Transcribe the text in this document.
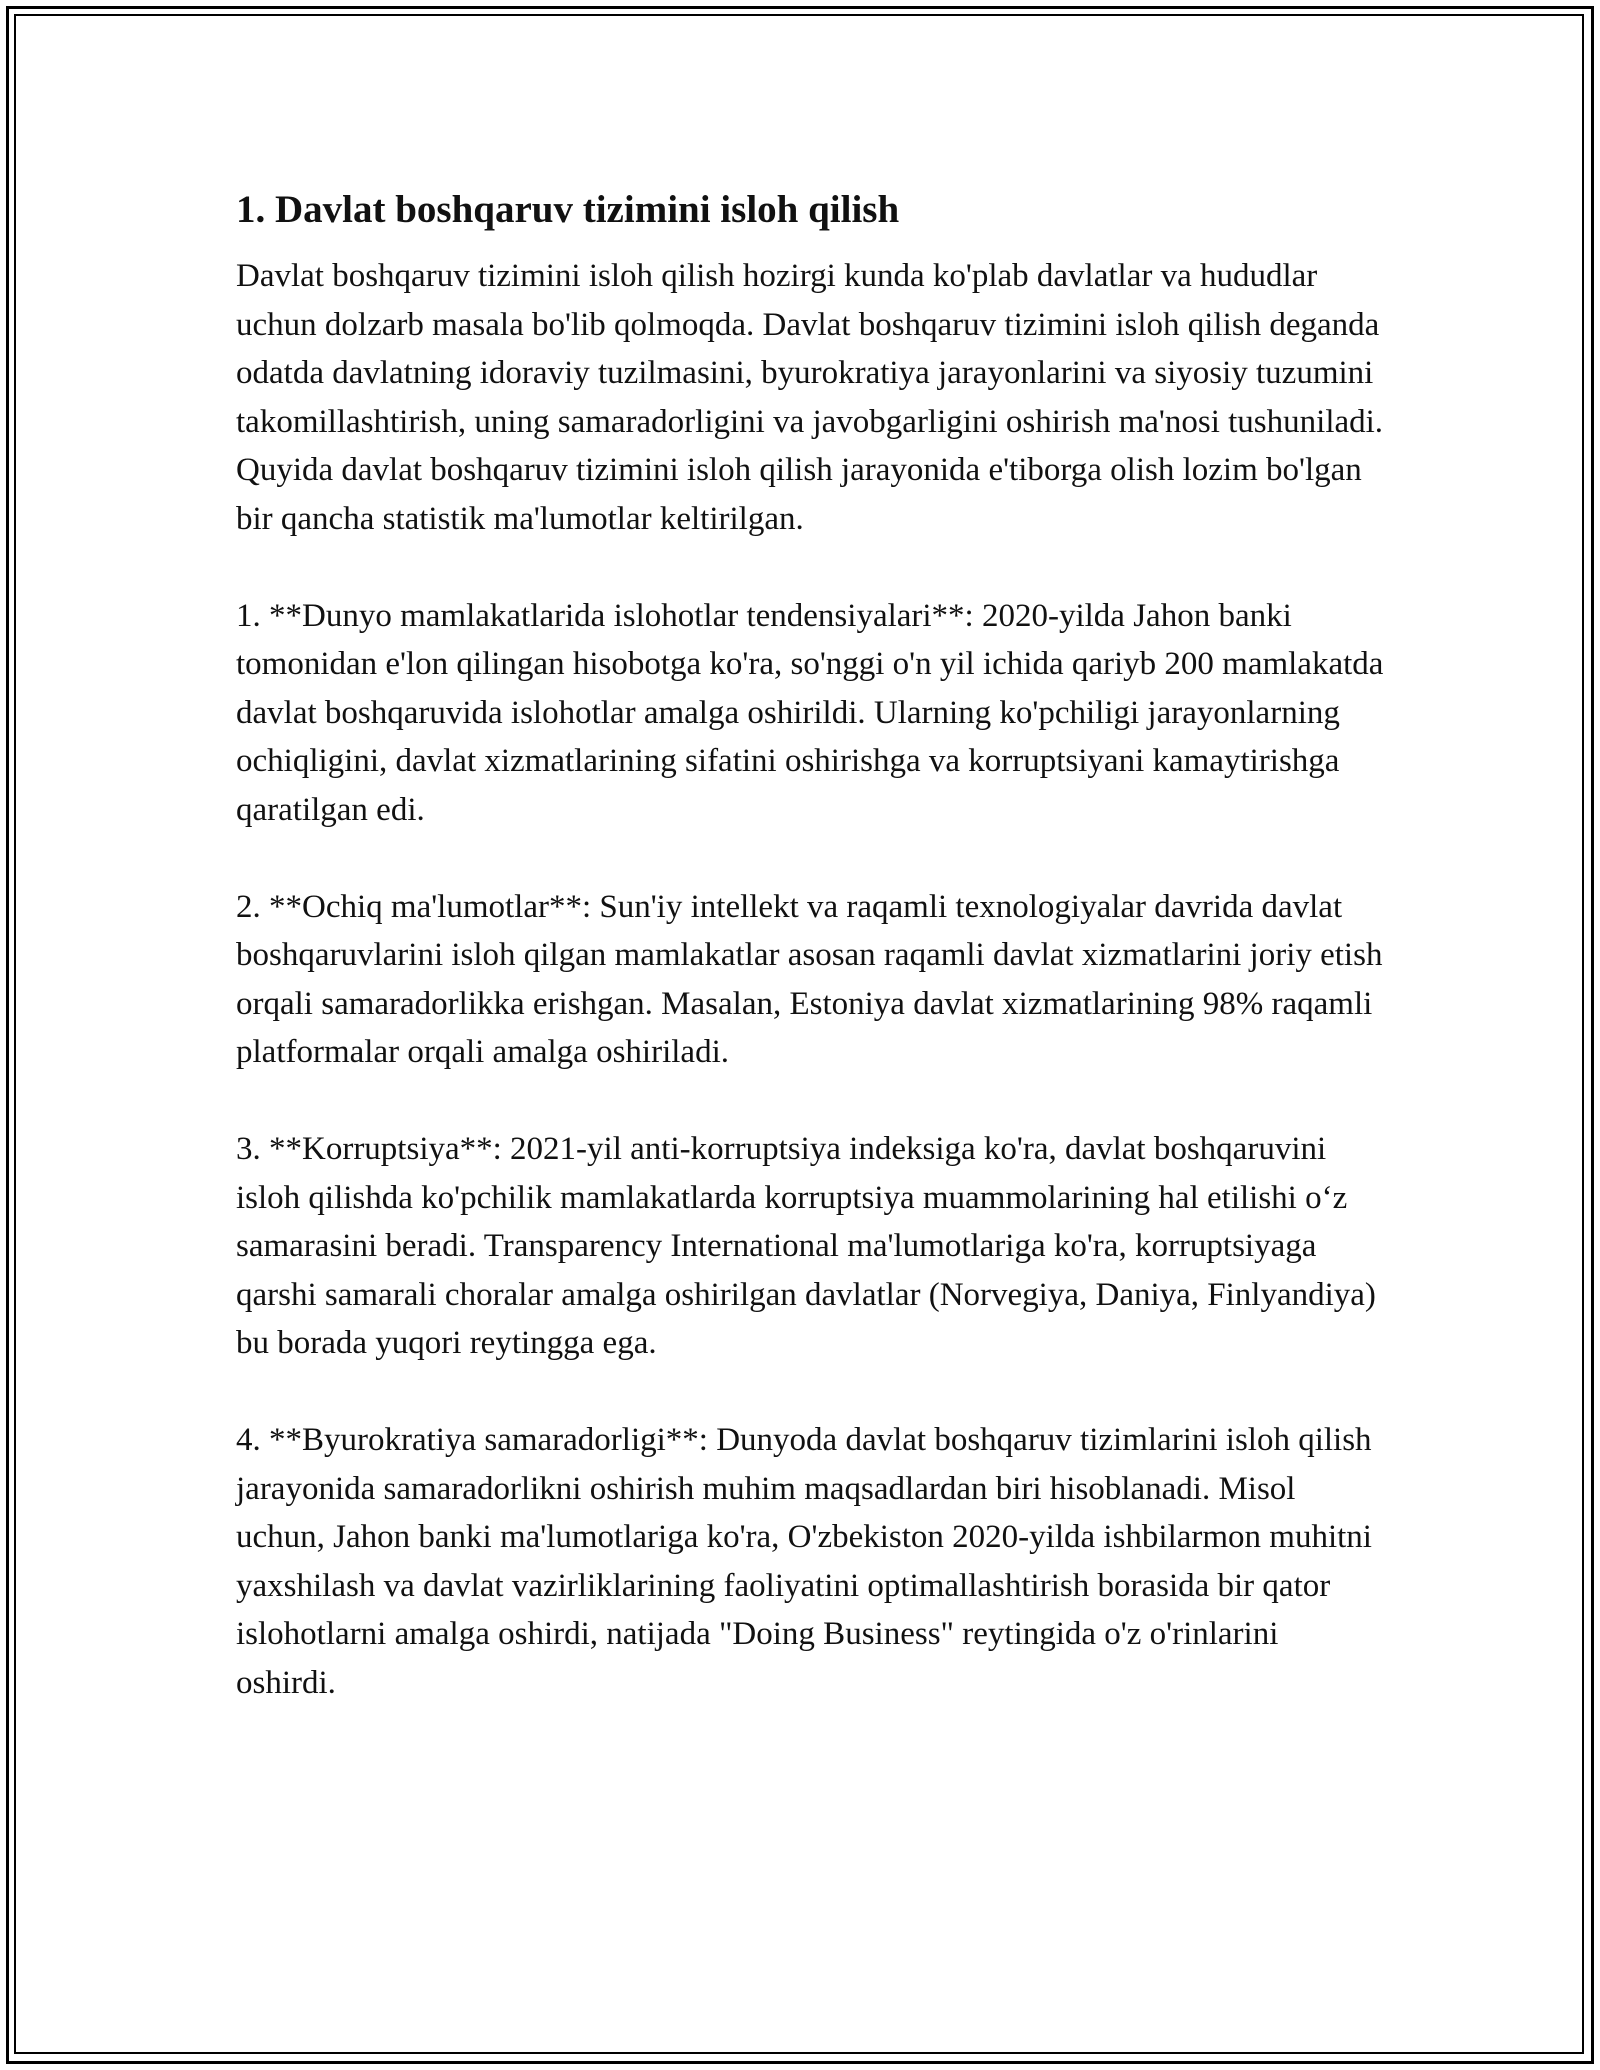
1. Davlat boshqaruv tizimini isloh qilish

Davlat boshqaruv tizimini isloh qilish hozirgi kunda ko'plab davlatlar va hududlar uchun dolzarb masala bo'lib qolmoqda. Davlat boshqaruv tizimini isloh qilish deganda odatda davlatning idoraviy tuzilmasini, byurokratiya jarayonlarini va siyosiy tuzumini takomillashtirish, uning samaradorligini va javobgarligini oshirish ma'nosi tushuniladi. Quyida davlat boshqaruv tizimini isloh qilish jarayonida e'tiborga olish lozim bo'lgan bir qancha statistik ma'lumotlar keltirilgan.

1. **Dunyo mamlakatlarida islohotlar tendensiyalari**: 2020-yilda Jahon banki tomonidan e'lon qilingan hisobotga ko'ra, so'nggi o'n yil ichida qariyb 200 mamlakatda davlat boshqaruvida islohotlar amalga oshirildi. Ularning ko'pchiligi jarayonlarning ochiqligini, davlat xizmatlarining sifatini oshirishga va korruptsiyani kamaytirishga qaratilgan edi.

2. **Ochiq ma'lumotlar**: Sun'iy intellekt va raqamli texnologiyalar davrida davlat boshqaruvlarini isloh qilgan mamlakatlar asosan raqamli davlat xizmatlarini joriy etish orqali samaradorlikka erishgan. Masalan, Estoniya davlat xizmatlarining 98% raqamli platformalar orqali amalga oshiriladi.

3. **Korruptsiya**: 2021-yil anti-korruptsiya indeksiga ko'ra, davlat boshqaruvini isloh qilishda ko'pchilik mamlakatlarda korruptsiya muammolarining hal etilishi o‘z samarasini beradi. Transparency International ma'lumotlariga ko'ra, korruptsiyaga qarshi samarali choralar amalga oshirilgan davlatlar (Norvegiya, Daniya, Finlyandiya) bu borada yuqori reytingga ega.

4. **Byurokratiya samaradorligi**: Dunyoda davlat boshqaruv tizimlarini isloh qilish jarayonida samaradorlikni oshirish muhim maqsadlardan biri hisoblanadi. Misol uchun, Jahon banki ma'lumotlariga ko'ra, O'zbekiston 2020-yilda ishbilarmon muhitni yaxshilash va davlat vazirliklarining faoliyatini optimallashtirish borasida bir qator islohotlarni amalga oshirdi, natijada "Doing Business" reytingida o'z o'rinlarini oshirdi.
